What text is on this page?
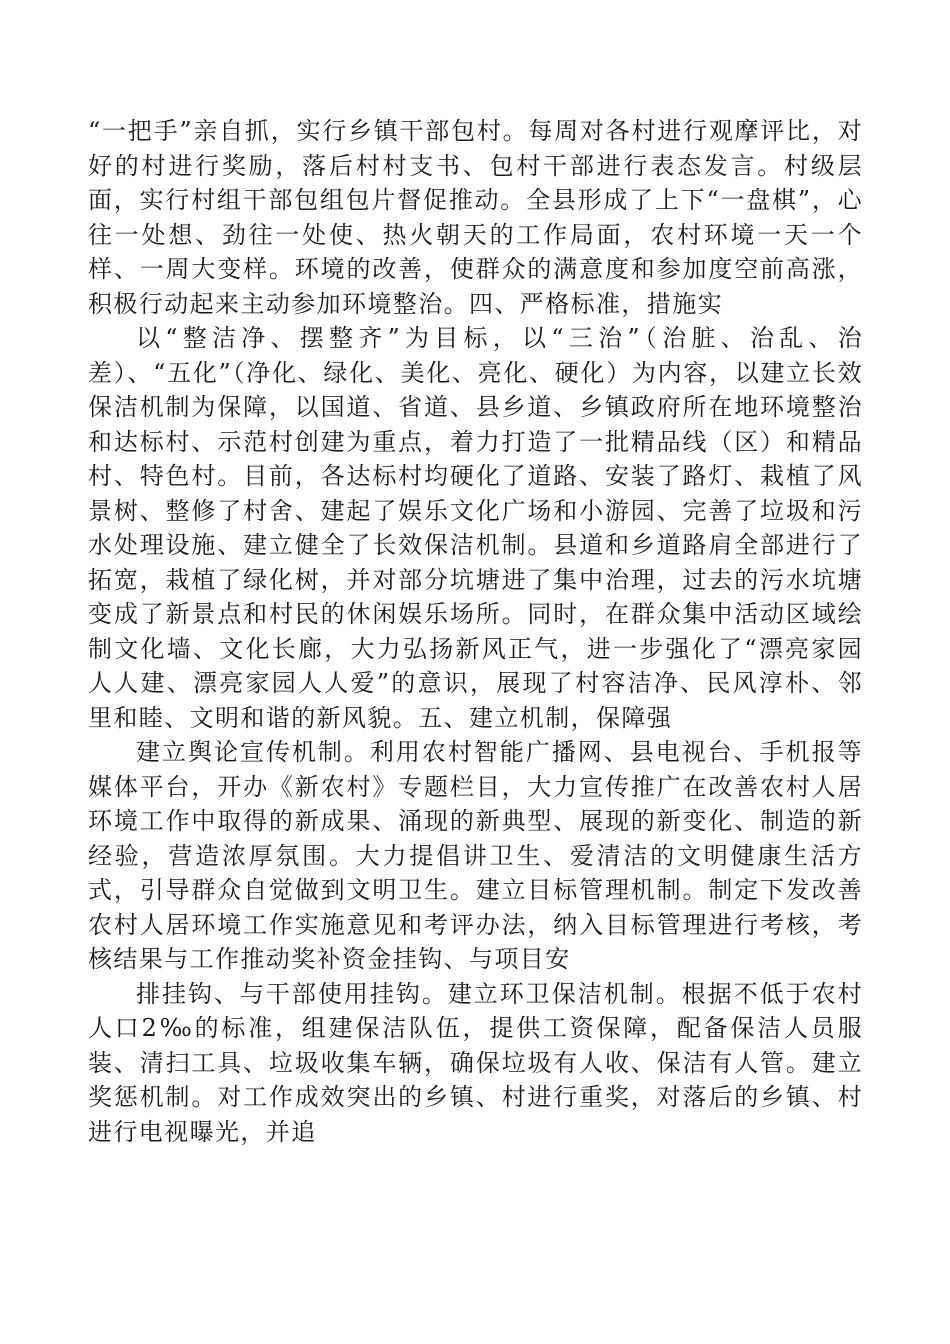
“一把手”亲自抓，实行乡镇干部包村。每周对各村进行观摩评比，对好的村进行奖励，落后村村支书、包村干部进行表态发言。村级层面，实行村组干部包组包片督促推动。全县形成了上下“一盘棋”，心往一处想、劲往一处使、热火朝天的工作局面，农村环境一天一个样、一周大变样。环境的改善，使群众的满意度和参加度空前高涨，积极行动起来主动参加环境整治。四、严格标准，措施实

以“整洁净、摆整齐”为目标，以“三治”（治脏、治乱、治差）、“五化”（净化、绿化、美化、亮化、硬化）为内容，以建立长效保洁机制为保障，以国道、省道、县乡道、乡镇政府所在地环境整治和达标村、示范村创建为重点，着力打造了一批精品线（区）和精品村、特色村。目前，各达标村均硬化了道路、安装了路灯、栽植了风景树、整修了村舍、建起了娱乐文化广场和小游园、完善了垃圾和污水处理设施、建立健全了长效保洁机制。县道和乡道路肩全部进行了拓宽，栽植了绿化树，并对部分坑塘进了集中治理，过去的污水坑塘变成了新景点和村民的休闲娱乐场所。同时，在群众集中活动区域绘制文化墙、文化长廊，大力弘扬新风正气，进一步强化了“漂亮家园人人建、漂亮家园人人爱”的意识，展现了村容洁净、民风淳朴、邻里和睦、文明和谐的新风貌。五、建立机制，保障强

建立舆论宣传机制。利用农村智能广播网、县电视台、手机报等媒体平台，开办《新农村》专题栏目，大力宣传推广在改善农村人居环境工作中取得的新成果、涌现的新典型、展现的新变化、制造的新经验，营造浓厚氛围。大力提倡讲卫生、爱清洁的文明健康生活方式，引导群众自觉做到文明卫生。建立目标管理机制。制定下发改善农村人居环境工作实施意见和考评办法，纳入目标管理进行考核，考核结果与工作推动奖补资金挂钩、与项目安

排挂钩、与干部使用挂钩。建立环卫保洁机制。根据不低于农村人口2‰的标准，组建保洁队伍，提供工资保障，配备保洁人员服装、清扫工具、垃圾收集车辆，确保垃圾有人收、保洁有人管。建立奖惩机制。对工作成效突出的乡镇、村进行重奖，对落后的乡镇、村进行电视曝光，并追
